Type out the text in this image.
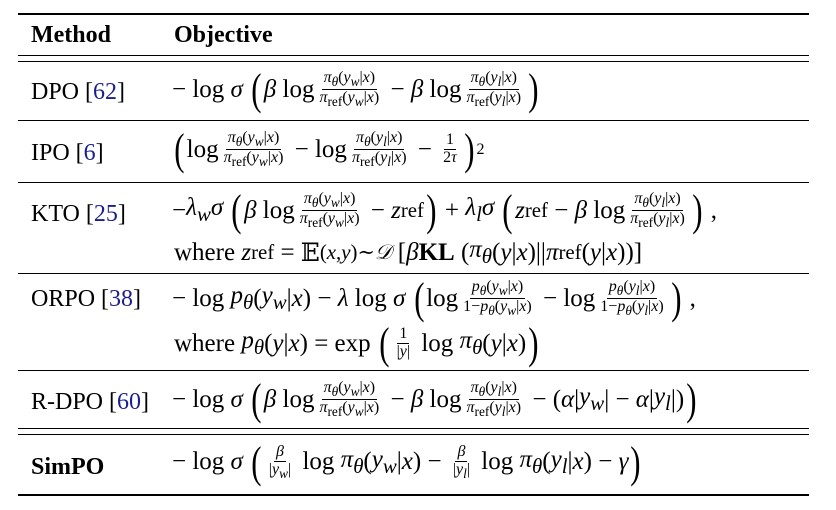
Method	Objective
DPO [62] − log σ
( β $\log \frac{\pi_\theta(y_w|x)}{\pi_{ref}(y_w|x)} - \beta$ $\log \frac{\pi_\theta(y_l|x)}{\pi_{ref}(y_l|x)}$ )
IPO [6] ( $\log \frac{\pi_\theta(y_w|x)}{\pi_{ref}(y_w|x)} - \log \frac{\pi_\theta(y_l|x)}{\pi_{ref}(y_l|x)} - \frac{1}{2\tau}$ ) 2
KTO $[25] - \lambda_w\sigma$
( β $\log \frac{\pi_\theta(y_w|x)}{\pi_{ref}(y_w|x)} - z$ ref ) + $\lambda_l\sigma$
( z ref − β $\log \frac{\pi_\theta(y_l|x)}{\pi_{ref}(y_l|x)}$ ) ,
where
z ref = 𝔼 (x,y)∼𝒟 [ β KL ( $\pi_\theta$ ( y | x )|| π ref ( y | x ))]
ORPO $[38] - \log p_\theta$ ( $y_w$ | x ) − λ log σ
( $\log \frac{p_\theta(y_w|x)}{1-p_\theta(y_w|x)} - \log \frac{p_\theta(y_l|x)}{1-p_\theta(y_l|x)}$ ) ,
where
$p_\theta$ ( y | x ) = exp ( $\frac{1}{|y|}$ $\log \pi_\theta$ ( y | x ) )
R-DPO [60] − log σ
( β $\log \frac{\pi_\theta(y_w|x)}{\pi_{ref}(y_w|x)} - \beta$ $\log \frac{\pi_\theta(y_l|x)}{\pi_{ref}(y_l|x)}$ − ( α | $y_w$ | − α | $y_l$ |) )
SimPO	− log σ
( $\frac{\beta}{|y_w|}$ $\log \pi_\theta$ ( $y_w$ | x ) − $\frac{\beta}{|y_l|}$ $\log \pi_\theta$ ( $y_l$ | x ) − γ )
